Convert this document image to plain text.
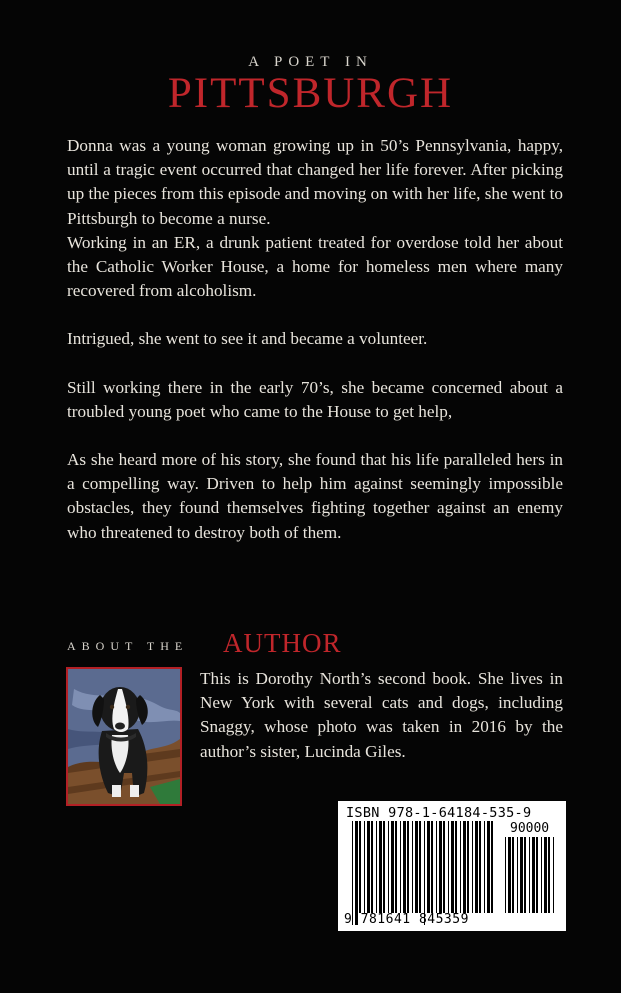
A POET IN
PITTSBURGH

Donna was a young woman growing up in 50’s Pennsylvania, happy, until a tragic event occurred that changed her life forever. After picking up the pieces from this episode and moving on with her life, she went to Pittsburgh to become a nurse.

Working in an ER, a drunk patient treated for overdose told her about the Catholic Worker House, a home for homeless men where many recovered from alcoholism.

Intrigued, she went to see it and became a volunteer.

Still working there in the early 70’s, she became concerned about a troubled young poet who came to the House to get help,

As she heard more of his story, she found that his life paralleled hers in a compelling way. Driven to help him against seemingly impossible obstacles, they found themselves fighting together against an enemy who threatened to destroy both of them.

ABOUT THE AUTHOR
This is Dorothy North’s second book. She lives in New York with several cats and dogs, including Snaggy, whose photo was taken in 2016 by the author’s sister, Lucinda Giles.
ISBN 978-1-64184-535-9
90000
9 781641 845359
